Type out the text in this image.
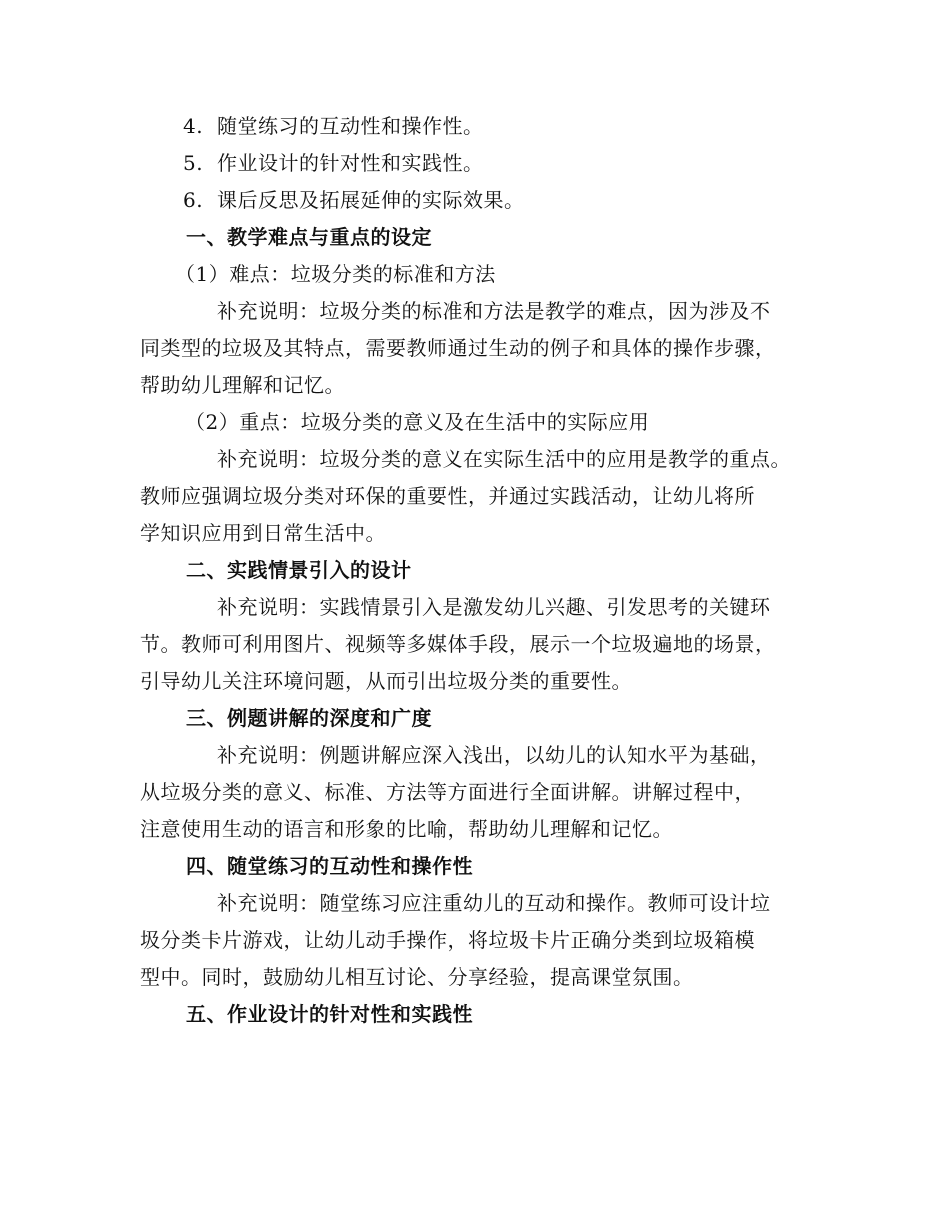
4. 随堂练习的互动性和操作性。
5. 作业设计的针对性和实践性。
6. 课后反思及拓展延伸的实际效果。
一、教学难点与重点的设定
（1）难点：垃圾分类的标准和方法
补充说明：垃圾分类的标准和方法是教学的难点，因为涉及不
同类型的垃圾及其特点，需要教师通过生动的例子和具体的操作步骤，
帮助幼儿理解和记忆。
（2）重点：垃圾分类的意义及在生活中的实际应用
补充说明：垃圾分类的意义在实际生活中的应用是教学的重点。
教师应强调垃圾分类对环保的重要性，并通过实践活动，让幼儿将所
学知识应用到日常生活中。
二、实践情景引入的设计
补充说明：实践情景引入是激发幼儿兴趣、引发思考的关键环
节。教师可利用图片、视频等多媒体手段，展示一个垃圾遍地的场景，
引导幼儿关注环境问题，从而引出垃圾分类的重要性。
三、例题讲解的深度和广度
补充说明：例题讲解应深入浅出，以幼儿的认知水平为基础，
从垃圾分类的意义、标准、方法等方面进行全面讲解。讲解过程中，
注意使用生动的语言和形象的比喻，帮助幼儿理解和记忆。
四、随堂练习的互动性和操作性
补充说明：随堂练习应注重幼儿的互动和操作。教师可设计垃
圾分类卡片游戏，让幼儿动手操作，将垃圾卡片正确分类到垃圾箱模
型中。同时，鼓励幼儿相互讨论、分享经验，提高课堂氛围。
五、作业设计的针对性和实践性
